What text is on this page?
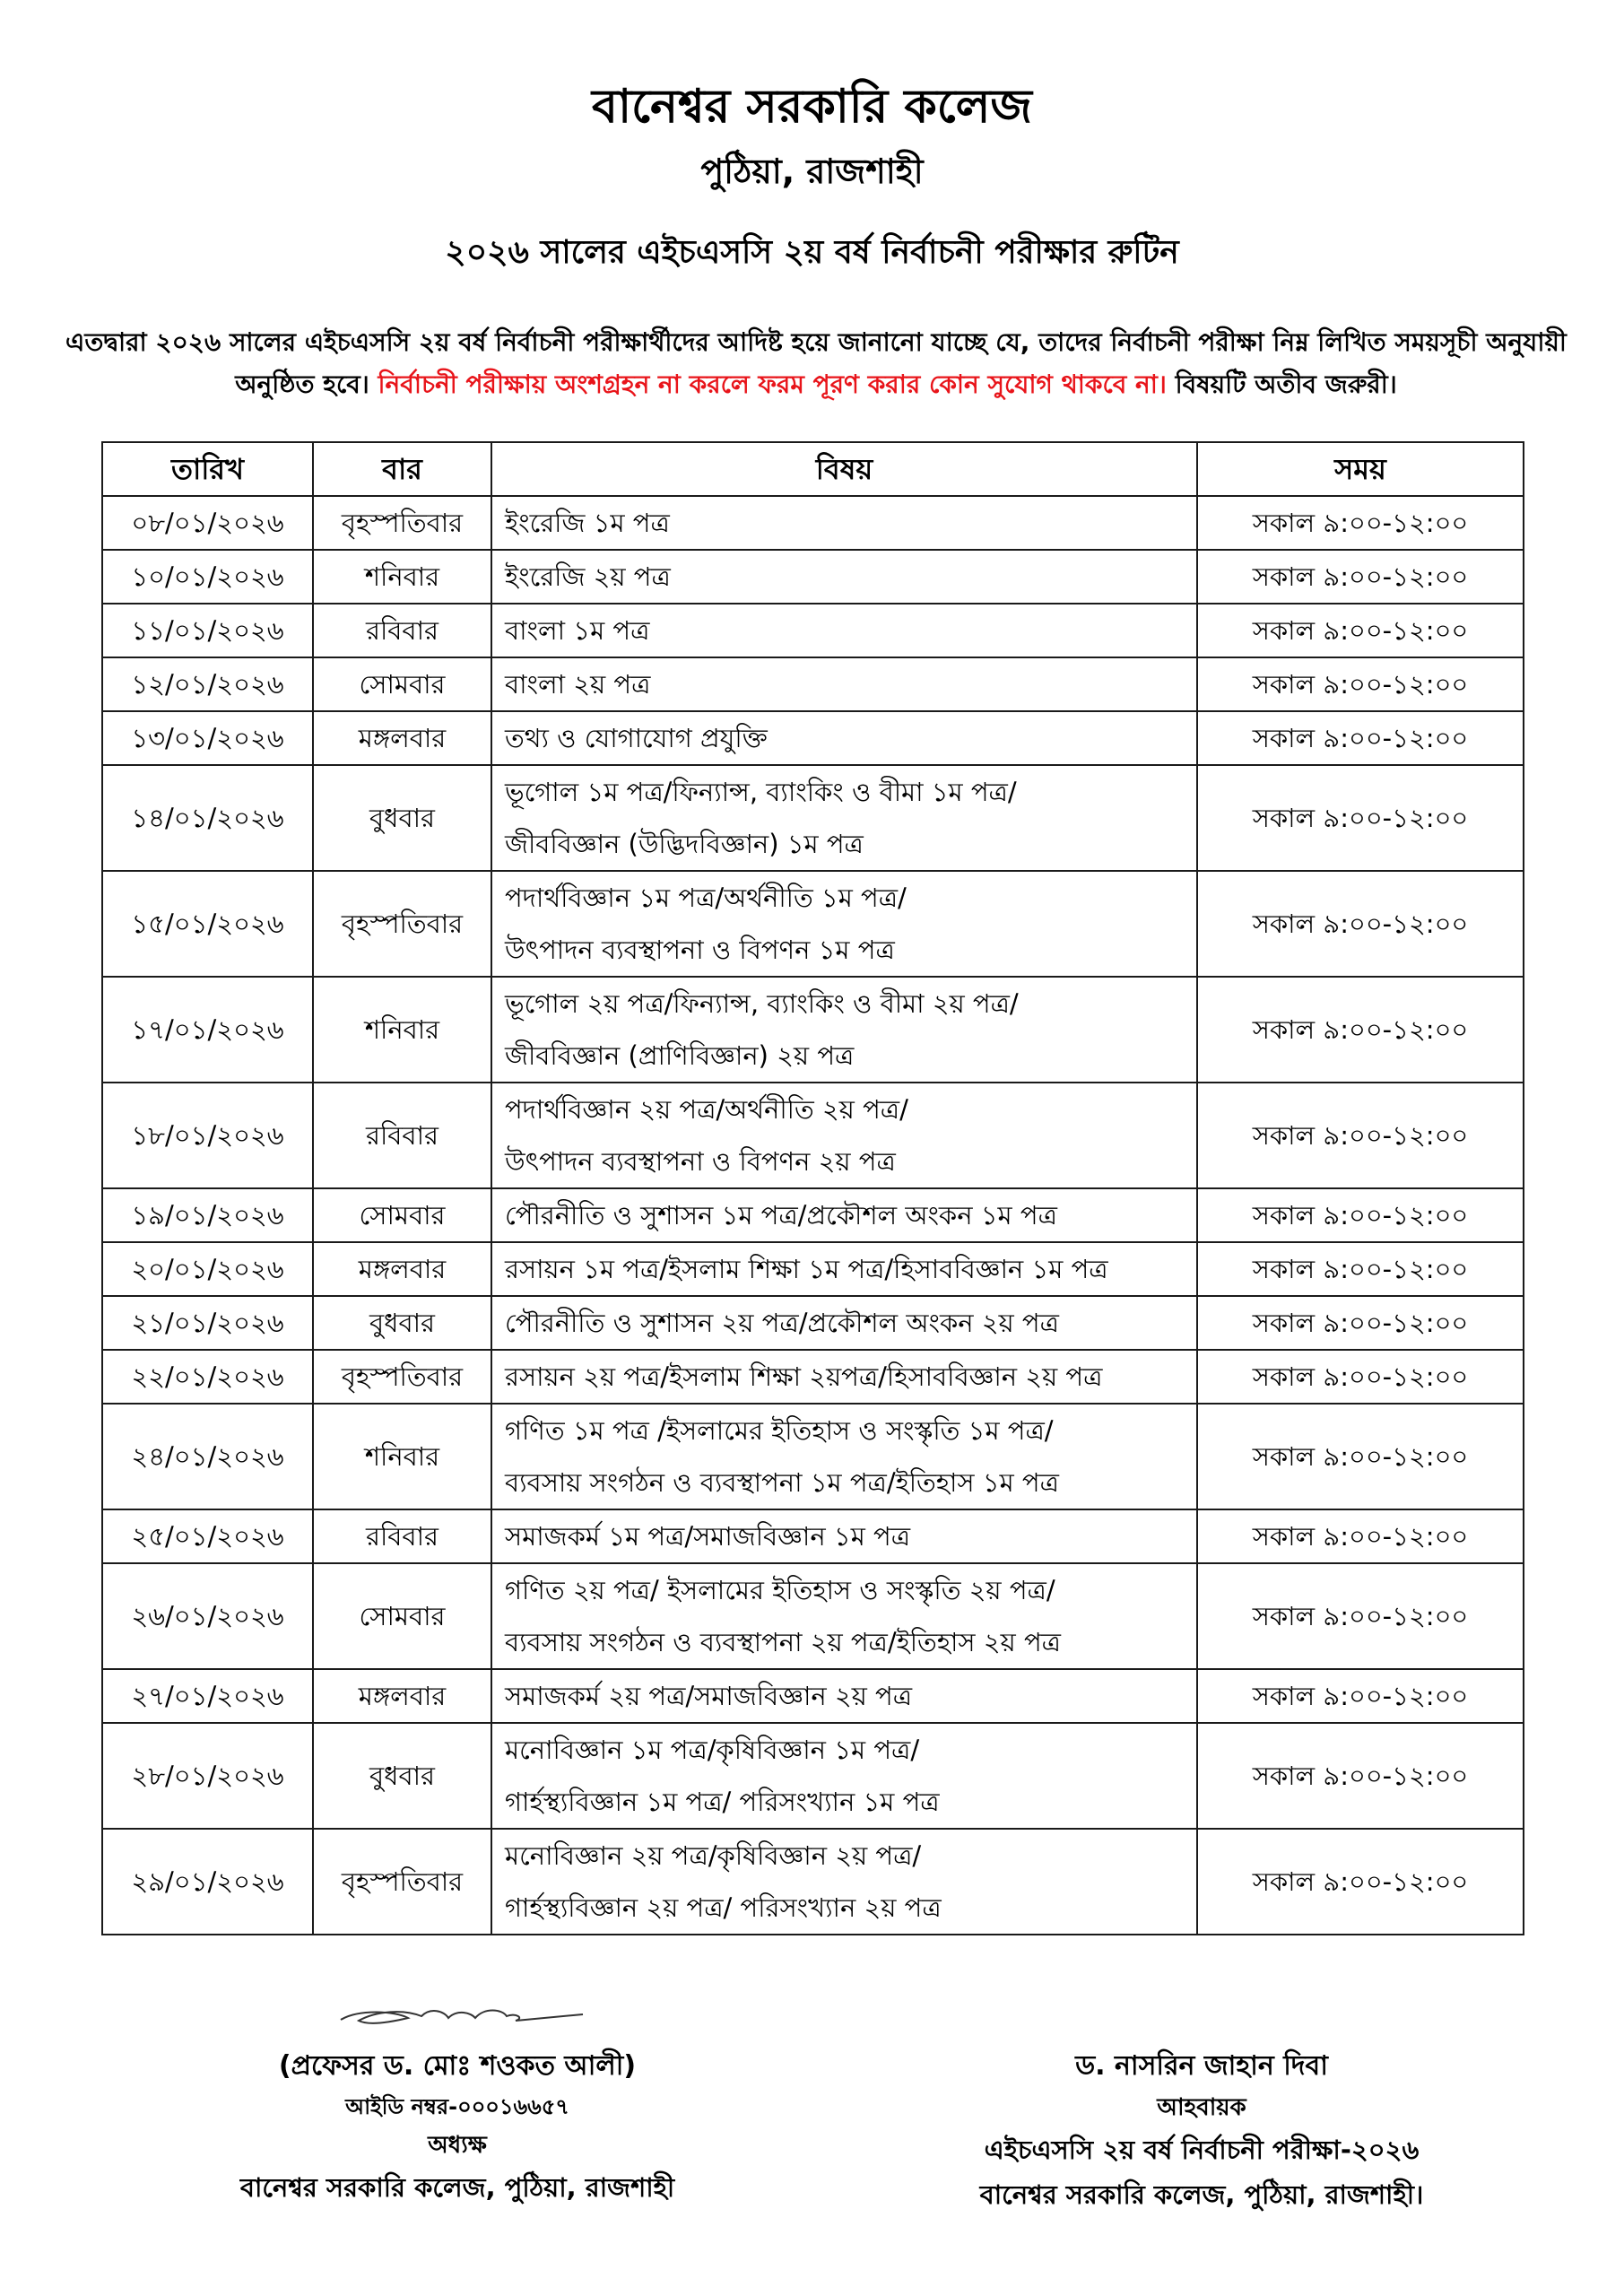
বানেশ্বর সরকারি কলেজ
পুঠিয়া, রাজশাহী
২০২৬ সালের এইচএসসি ২য় বর্ষ নির্বাচনী পরীক্ষার রুটিন
এতদ্বারা ২০২৬ সালের এইচএসসি ২য় বর্ষ নির্বাচনী পরীক্ষার্থীদের আদিষ্ট হয়ে জানানো যাচ্ছে যে, তাদের নির্বাচনী পরীক্ষা নিম্ন লিখিত সময়সূচী অনুযায়ী অনুষ্ঠিত হবে। নির্বাচনী পরীক্ষায় অংশগ্রহন না করলে ফরম পূরণ করার কোন সুযোগ থাকবে না। বিষয়টি অতীব জরুরী।
তারিখ	বার	বিষয়	সময়
০৮/০১/২০২৬	বৃহস্পতিবার	ইংরেজি ১ম পত্র	সকাল ৯:০০-১২:০০
১০/০১/২০২৬	শনিবার	ইংরেজি ২য় পত্র	সকাল ৯:০০-১২:০০
১১/০১/২০২৬	রবিবার	বাংলা ১ম পত্র	সকাল ৯:০০-১২:০০
১২/০১/২০২৬	সোমবার	বাংলা ২য় পত্র	সকাল ৯:০০-১২:০০
১৩/০১/২০২৬	মঙ্গলবার	তথ্য ও যোগাযোগ প্রযুক্তি	সকাল ৯:০০-১২:০০
১৪/০১/২০২৬	বুধবার	ভূগোল ১ম পত্র/ফিন্যান্স, ব্যাংকিং ও বীমা ১ম পত্র/
জীববিজ্ঞান (উদ্ভিদবিজ্ঞান) ১ম পত্র	সকাল ৯:০০-১২:০০
১৫/০১/২০২৬	বৃহস্পতিবার	পদার্থবিজ্ঞান ১ম পত্র/অর্থনীতি ১ম পত্র/
উৎপাদন ব্যবস্থাপনা ও বিপণন ১ম পত্র	সকাল ৯:০০-১২:০০
১৭/০১/২০২৬	শনিবার	ভূগোল ২য় পত্র/ফিন্যান্স, ব্যাংকিং ও বীমা ২য় পত্র/
জীববিজ্ঞান (প্রাণিবিজ্ঞান) ২য় পত্র	সকাল ৯:০০-১২:০০
১৮/০১/২০২৬	রবিবার	পদার্থবিজ্ঞান ২য় পত্র/অর্থনীতি ২য় পত্র/
উৎপাদন ব্যবস্থাপনা ও বিপণন ২য় পত্র	সকাল ৯:০০-১২:০০
১৯/০১/২০২৬	সোমবার	পৌরনীতি ও সুশাসন ১ম পত্র/প্রকৌশল অংকন ১ম পত্র	সকাল ৯:০০-১২:০০
২০/০১/২০২৬	মঙ্গলবার	রসায়ন ১ম পত্র/ইসলাম শিক্ষা ১ম পত্র/হিসাববিজ্ঞান ১ম পত্র	সকাল ৯:০০-১২:০০
২১/০১/২০২৬	বুধবার	পৌরনীতি ও সুশাসন ২য় পত্র/প্রকৌশল অংকন ২য় পত্র	সকাল ৯:০০-১২:০০
২২/০১/২০২৬	বৃহস্পতিবার	রসায়ন ২য় পত্র/ইসলাম শিক্ষা ২য়পত্র/হিসাববিজ্ঞান ২য় পত্র	সকাল ৯:০০-১২:০০
২৪/০১/২০২৬	শনিবার	গণিত ১ম পত্র /ইসলামের ইতিহাস ও সংস্কৃতি ১ম পত্র/
ব্যবসায় সংগঠন ও ব্যবস্থাপনা ১ম পত্র/ইতিহাস ১ম পত্র	সকাল ৯:০০-১২:০০
২৫/০১/২০২৬	রবিবার	সমাজকর্ম ১ম পত্র/সমাজবিজ্ঞান ১ম পত্র	সকাল ৯:০০-১২:০০
২৬/০১/২০২৬	সোমবার	গণিত ২য় পত্র/ ইসলামের ইতিহাস ও সংস্কৃতি ২য় পত্র/
ব্যবসায় সংগঠন ও ব্যবস্থাপনা ২য় পত্র/ইতিহাস ২য় পত্র	সকাল ৯:০০-১২:০০
২৭/০১/২০২৬	মঙ্গলবার	সমাজকর্ম ২য় পত্র/সমাজবিজ্ঞান ২য় পত্র	সকাল ৯:০০-১২:০০
২৮/০১/২০২৬	বুধবার	মনোবিজ্ঞান ১ম পত্র/কৃষিবিজ্ঞান ১ম পত্র/
গার্হস্থ্যবিজ্ঞান ১ম পত্র/ পরিসংখ্যান ১ম পত্র	সকাল ৯:০০-১২:০০
২৯/০১/২০২৬	বৃহস্পতিবার	মনোবিজ্ঞান ২য় পত্র/কৃষিবিজ্ঞান ২য় পত্র/
গার্হস্থ্যবিজ্ঞান ২য় পত্র/ পরিসংখ্যান ২য় পত্র	সকাল ৯:০০-১২:০০
(প্রফেসর ড. মোঃ শওকত আলী)
আইডি নম্বর-০০০১৬৬৫৭
অধ্যক্ষ
বানেশ্বর সরকারি কলেজ, পুঠিয়া, রাজশাহী
ড. নাসরিন জাহান দিবা
আহবায়ক
এইচএসসি ২য় বর্ষ নির্বাচনী পরীক্ষা-২০২৬
বানেশ্বর সরকারি কলেজ, পুঠিয়া, রাজশাহী।
